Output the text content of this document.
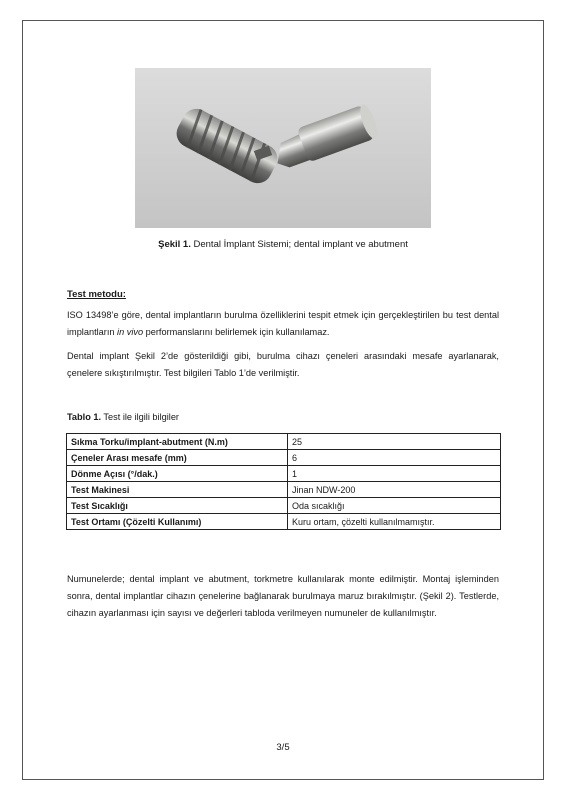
Şekil 1. Dental İmplant Sistemi; dental implant ve abutment
Test metodu:

ISO 13498’e göre, dental implantların burulma özelliklerini tespit etmek için gerçekleştirilen bu test dental implantların in vivo performanslarını belirlemek için kullanılamaz.

Dental implant Şekil 2’de gösterildiği gibi, burulma cihazı çeneleri arasındaki mesafe ayarlanarak, çenelere sıkıştırılmıştır. Test bilgileri Tablo 1’de verilmiştir.

Tablo 1. Test ile ilgili bilgiler
Sıkma Torku/implant-abutment (N.m)	25
Çeneler Arası mesafe (mm)	6
Dönme Açısı (°/dak.)	1
Test Makinesi	Jinan NDW-200
Test Sıcaklığı	Oda sıcaklığı
Test Ortamı (Çözelti Kullanımı)	Kuru ortam, çözelti kullanılmamıştır.

Numunelerde; dental implant ve abutment, torkmetre kullanılarak monte edilmiştir. Montaj işleminden sonra, dental implantlar cihazın çenelerine bağlanarak burulmaya maruz bırakılmıştır. (Şekil 2). Testlerde, cihazın ayarlanması için sayısı ve değerleri tabloda verilmeyen numuneler de kullanılmıştır.

3/5
